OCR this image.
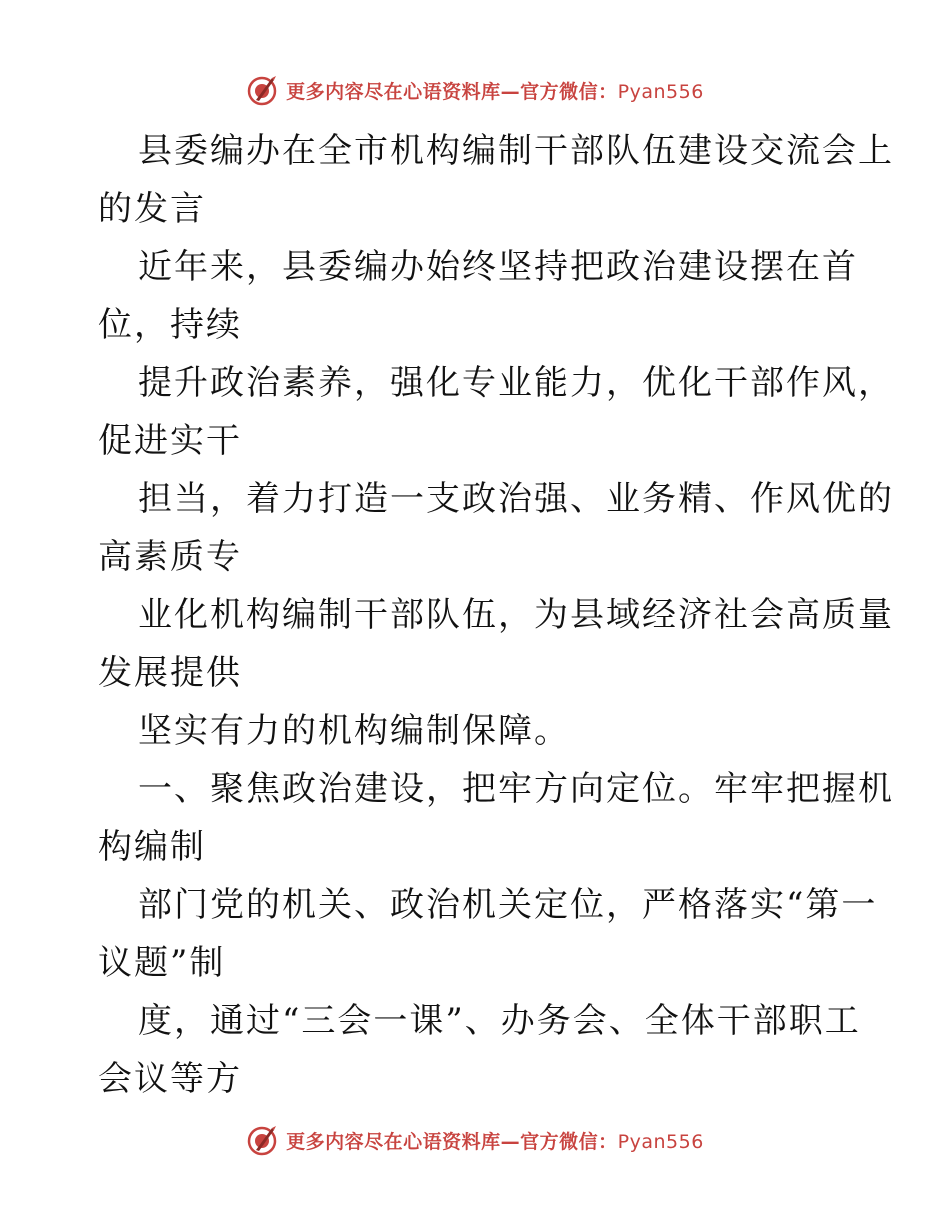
更多内容尽在心语资料库—官方微信：Pyan556
县委编办在全市机构编制干部队伍建设交流会上
的发言
近年来，县委编办始终坚持把政治建设摆在首
位，持续
提升政治素养，强化专业能力，优化干部作风，
促进实干
担当，着力打造一支政治强、业务精、作风优的
高素质专
业化机构编制干部队伍，为县域经济社会高质量
发展提供
坚实有力的机构编制保障。
一、聚焦政治建设，把牢方向定位。牢牢把握机
构编制
部门党的机关、政治机关定位，严格落实“第一
议题”制
度，通过“三会一课”、办务会、全体干部职工
会议等方
更多内容尽在心语资料库—官方微信：Pyan556
